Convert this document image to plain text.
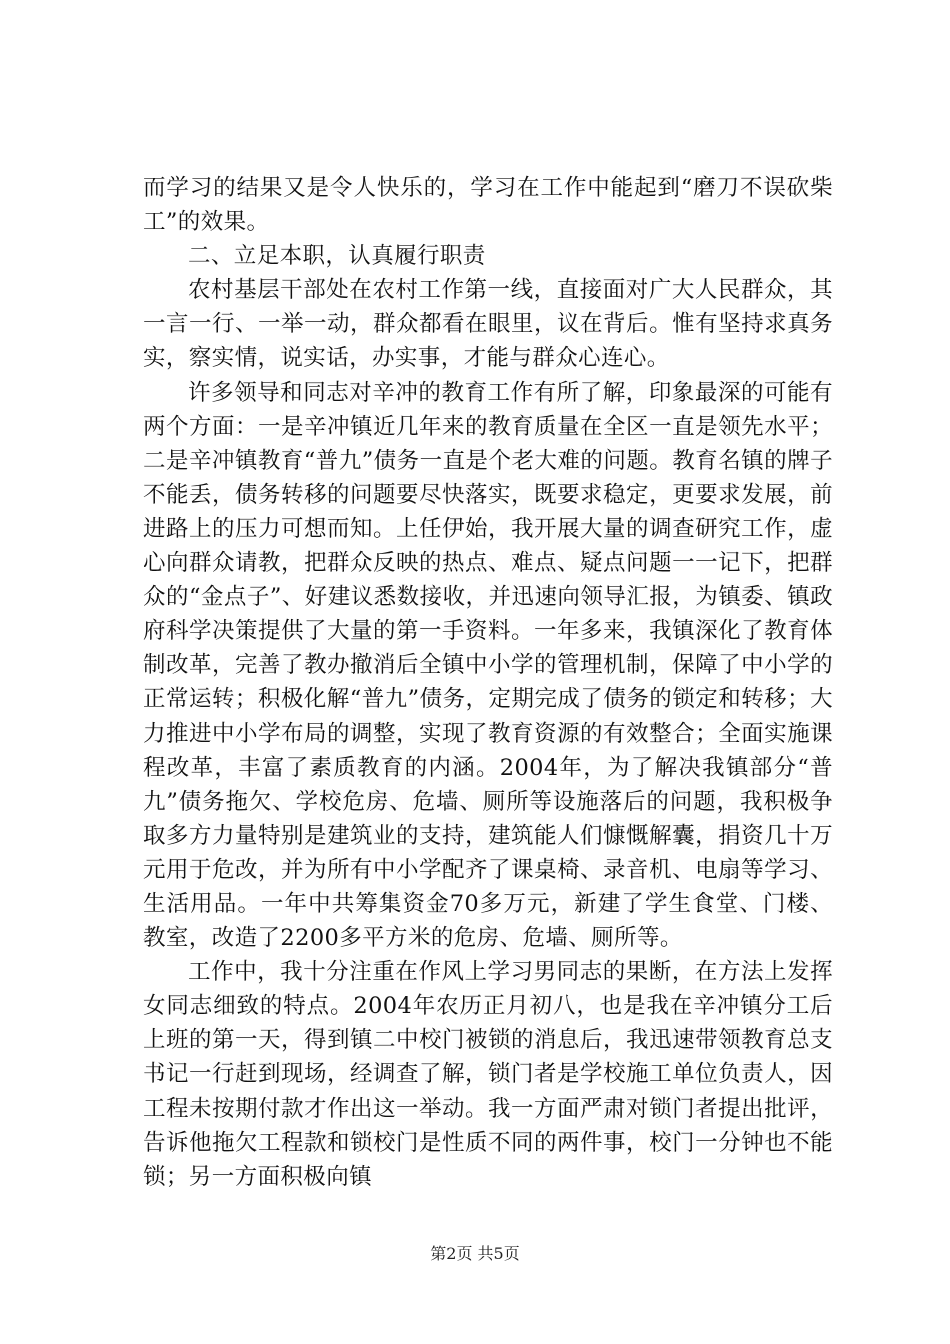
而学习的结果又是令人快乐的，学习在工作中能起到“磨刀不误砍柴工”的效果。

二、立足本职，认真履行职责

农村基层干部处在农村工作第一线，直接面对广大人民群众，其一言一行、一举一动，群众都看在眼里，议在背后。惟有坚持求真务实，察实情，说实话，办实事，才能与群众心连心。

许多领导和同志对辛冲的教育工作有所了解，印象最深的可能有两个方面：一是辛冲镇近几年来的教育质量在全区一直是领先水平；二是辛冲镇教育“普九”债务一直是个老大难的问题。教育名镇的牌子不能丢，债务转移的问题要尽快落实，既要求稳定，更要求发展，前进路上的压力可想而知。上任伊始，我开展大量的调查研究工作，虚心向群众请教，把群众反映的热点、难点、疑点问题一一记下，把群众的“金点子”、好建议悉数接收，并迅速向领导汇报，为镇委、镇政府科学决策提供了大量的第一手资料。一年多来，我镇深化了教育体制改革，完善了教办撤消后全镇中小学的管理机制，保障了中小学的正常运转；积极化解“普九”债务，定期完成了债务的锁定和转移；大力推进中小学布局的调整，实现了教育资源的有效整合；全面实施课程改革，丰富了素质教育的内涵。2004年，为了解决我镇部分“普九”债务拖欠、学校危房、危墙、厕所等设施落后的问题，我积极争取多方力量特别是建筑业的支持，建筑能人们慷慨解囊，捐资几十万元用于危改，并为所有中小学配齐了课桌椅、录音机、电扇等学习、生活用品。一年中共筹集资金70多万元，新建了学生食堂、门楼、教室，改造了2200多平方米的危房、危墙、厕所等。

工作中，我十分注重在作风上学习男同志的果断，在方法上发挥女同志细致的特点。2004年农历正月初八，也是我在辛冲镇分工后上班的第一天，得到镇二中校门被锁的消息后，我迅速带领教育总支书记一行赶到现场，经调查了解，锁门者是学校施工单位负责人，因工程未按期付款才作出这一举动。我一方面严肃对锁门者提出批评，告诉他拖欠工程款和锁校门是性质不同的两件事，校门一分钟也不能锁；另一方面积极向镇

第2页 共5页
